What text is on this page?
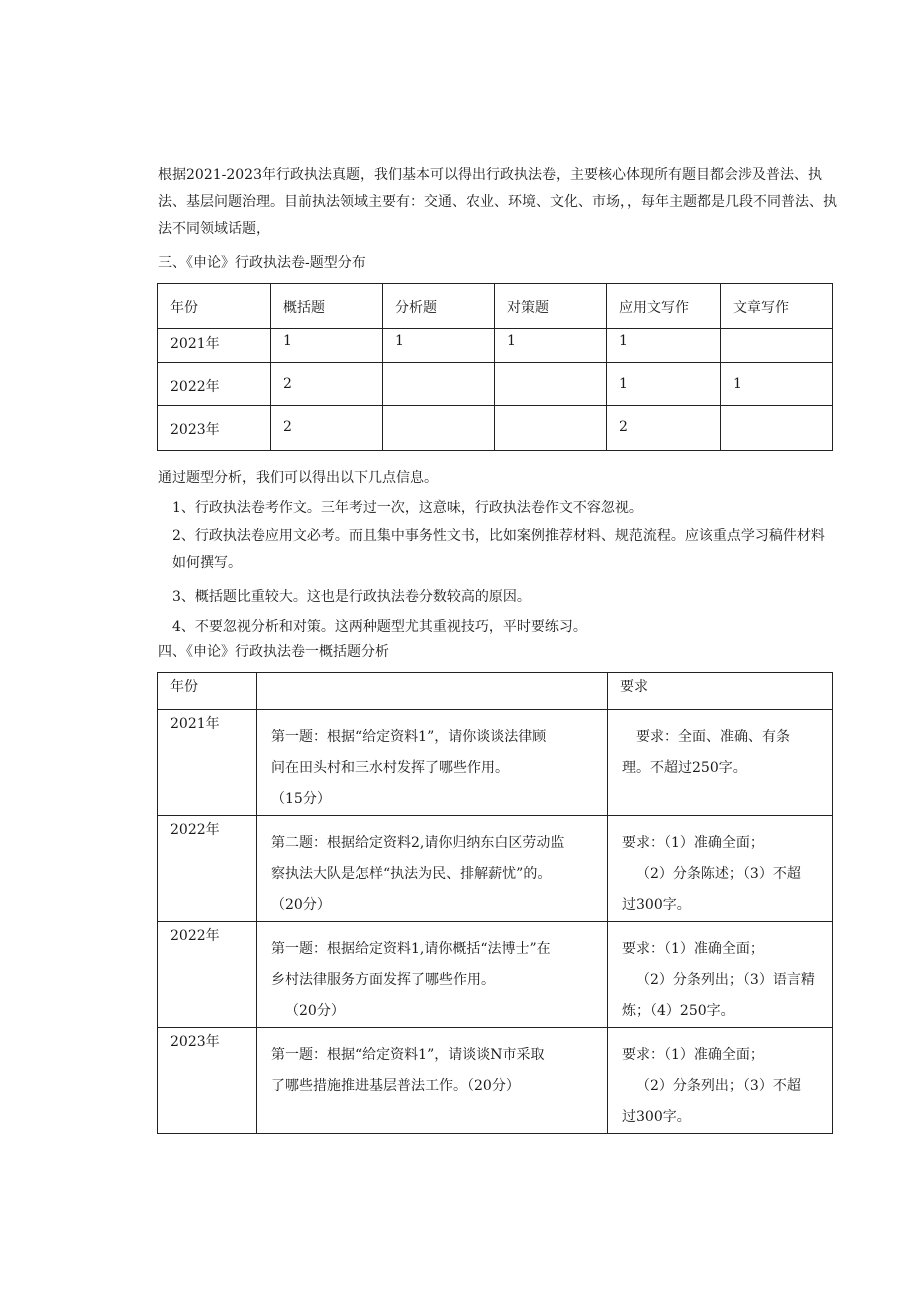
根据2021-2023年行政执法真题，我们基本可以得出行政执法卷，主要核心体现所有题目都会涉及普法、执法、基层问题治理。目前执法领域主要有：交通、农业、环境、文化、市场，，每年主题都是几段不同普法、执法不同领域话题，

三、《申论》行政执法卷-题型分布

年份	概括题	分析题	对策题	应用文写作	文章写作
2021年	1	1	1	1	
2022年	2			1	1
2023年	2			2	

通过题型分析，我们可以得出以下几点信息。

1、行政执法卷考作文。三年考过一次，这意味，行政执法卷作文不容忽视。

2、行政执法卷应用文必考。而且集中事务性文书，比如案例推荐材料、规范流程。应该重点学习稿件材料如何撰写。

3、概括题比重较大。这也是行政执法卷分数较高的原因。

4、不要忽视分析和对策。这两种题型尤其重视技巧，平时要练习。

四、《申论》行政执法卷一概括题分析

年份		要求
2021年	第一题：根据“给定资料1”，请你谈谈法律顾
问在田头村和三水村发挥了哪些作用。
（15分）	要求：全面、准确、有条
理。不超过250字。

2022年	第二题：根据给定资料2,请你归纳东白区劳动监
察执法大队是怎样“执法为民、排解薪忧”的。
（20分）	要求：（1）准确全面；
（2）分条陈述；（3）不超
过300字。

2022年	第一题：根据给定资料1,请你概括“法博士”在
乡村法律服务方面发挥了哪些作用。
（20分）	要求：（1）准确全面；
（2）分条列出；（3）语言精
炼；（4）250字。

2023年	第一题：根据“给定资料1”，请谈谈N市采取
了哪些措施推进基层普法工作。（20分）	要求：（1）准确全面；
（2）分条列出；（3）不超
过300字。
